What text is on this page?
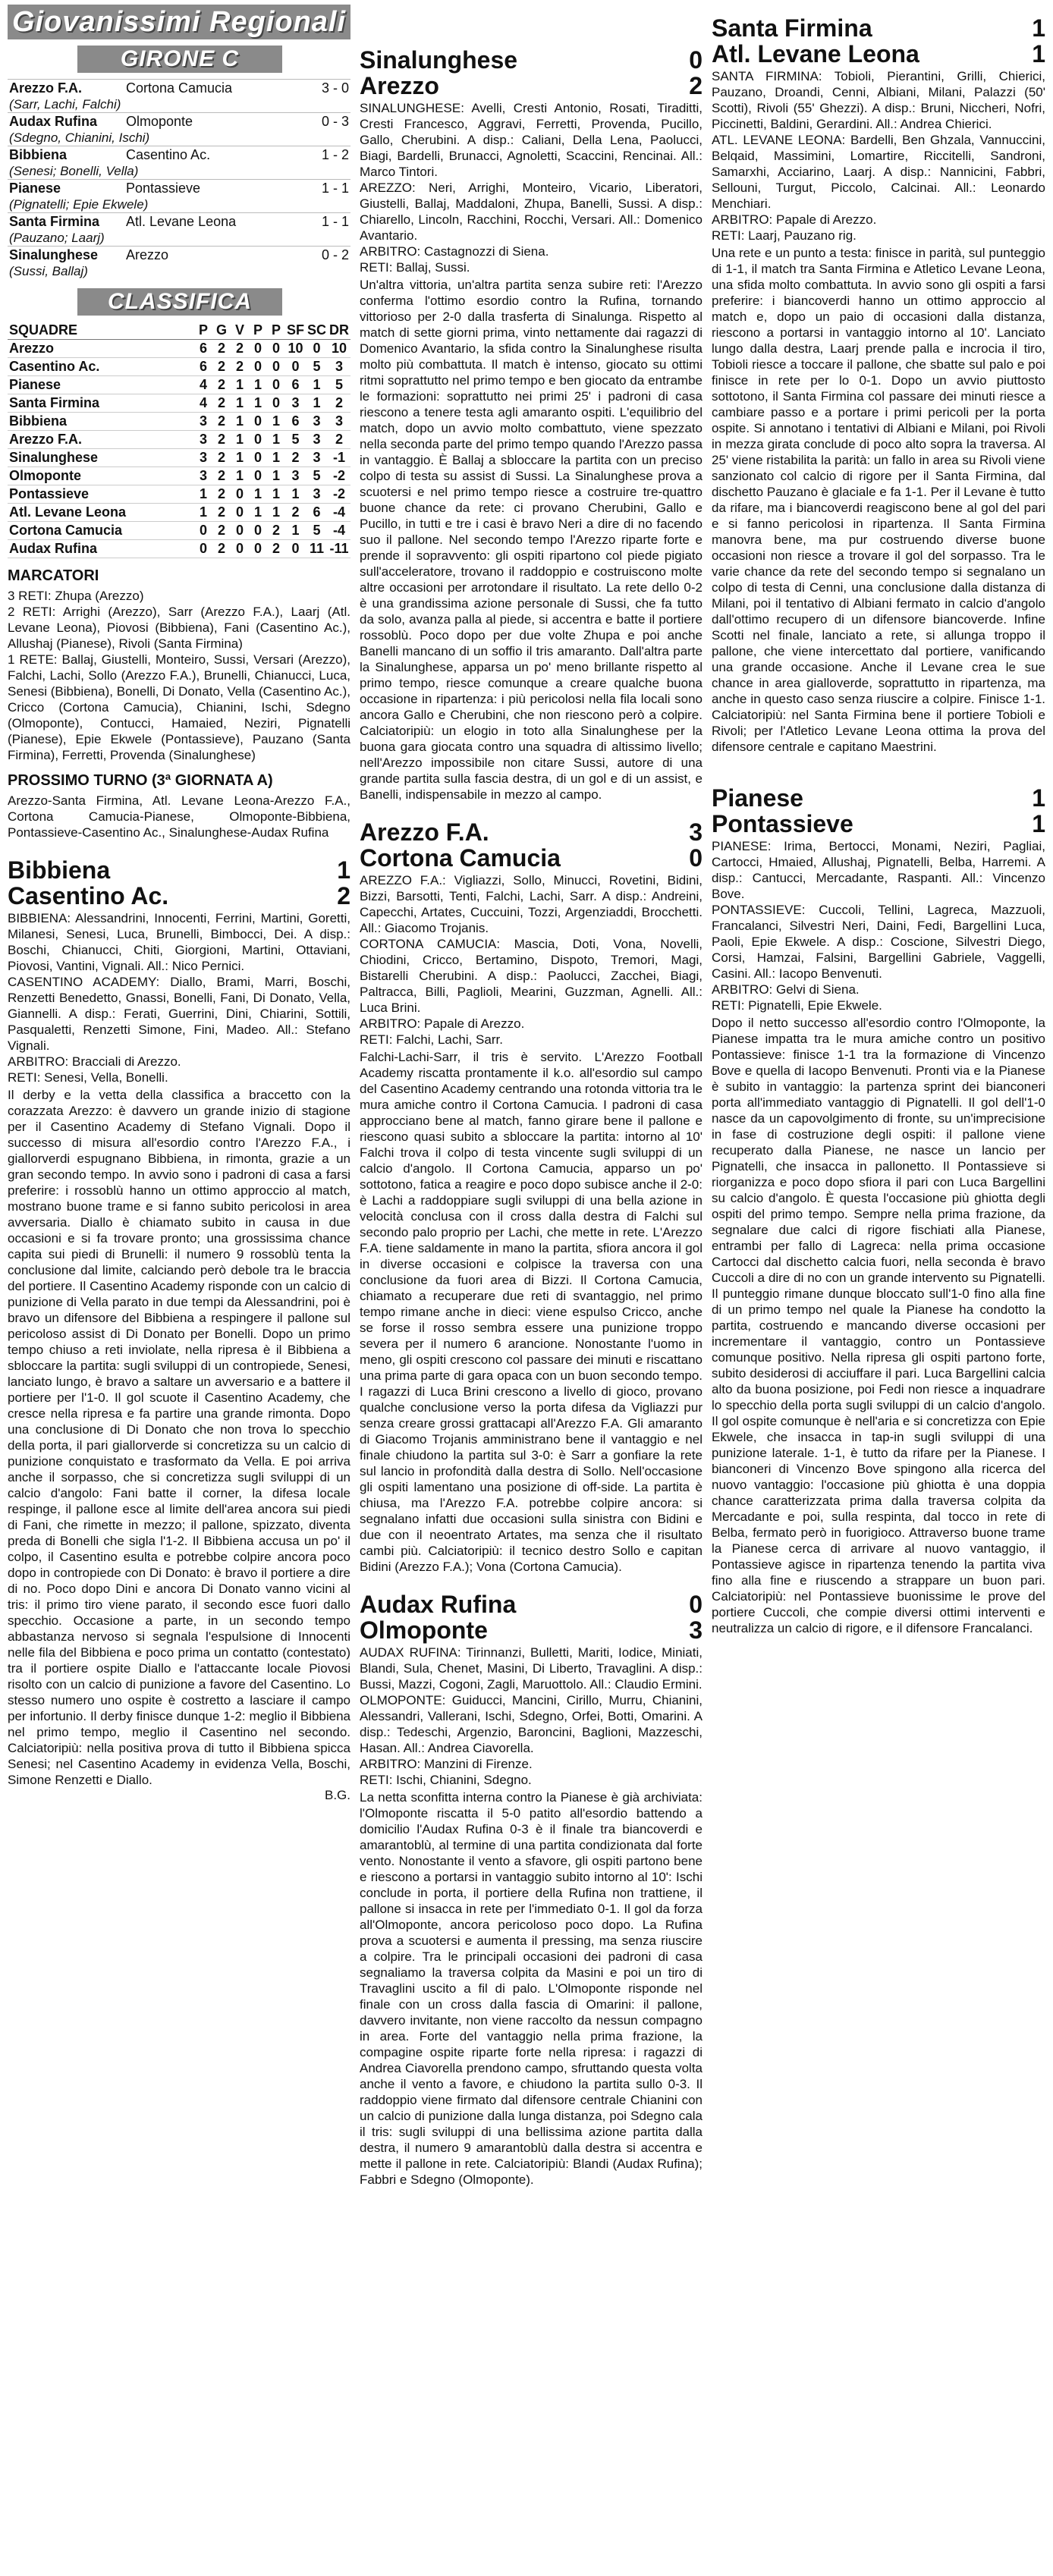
Giovanissimi Regionali
GIRONE C
Arezzo F.A.	Cortona Camucia	3 - 0
(Sarr, Lachi, Falchi)		
Audax Rufina	Olmoponte	0 - 3
(Sdegno, Chianini, Ischi)		
Bibbiena	Casentino Ac.	1 - 2
(Senesi; Bonelli, Vella)		
Pianese	Pontassieve	1 - 1
(Pignatelli; Epie Ekwele)		
Santa Firmina	Atl. Levane Leona	1 - 1
(Pauzano; Laarj)		
Sinalunghese	Arezzo	0 - 2
(Sussi, Ballaj)		
CLASSIFICA
SQUADRE	P	G	V	P	P	SF	SC	DR
Arezzo	6	2	2	0	0	10	0	10
Casentino Ac.	6	2	2	0	0	0	5	3
Pianese	4	2	1	1	0	6	1	5
Santa Firmina	4	2	1	1	0	3	1	2
Bibbiena	3	2	1	0	1	6	3	3
Arezzo F.A.	3	2	1	0	1	5	3	2
Sinalunghese	3	2	1	0	1	2	3	-1
Olmoponte	3	2	1	0	1	3	5	-2
Pontassieve	1	2	0	1	1	1	3	-2
Atl. Levane Leona	1	2	0	1	1	2	6	-4
Cortona Camucia	0	2	0	0	2	1	5	-4
Audax Rufina	0	2	0	0	2	0	11	-11
MARCATORI

3 RETI: Zhupa (Arezzo)
2 RETI: Arrighi (Arezzo), Sarr (Arezzo F.A.), Laarj (Atl. Levane Leona), Piovosi (Bibbiena), Fani (Casentino Ac.), Allushaj (Pianese), Rivoli (Santa Firmina)
1 RETE: Ballaj, Giustelli, Monteiro, Sussi, Versari (Arezzo), Falchi, Lachi, Sollo (Arezzo F.A.), Brunelli, Chianucci, Luca, Senesi (Bibbiena), Bonelli, Di Donato, Vella (Casentino Ac.), Cricco (Cortona Camucia), Chianini, Ischi, Sdegno (Olmoponte), Contucci, Hamaied, Neziri, Pignatelli (Pianese), Epie Ekwele (Pontassieve), Pauzano (Santa Firmina), Ferretti, Provenda (Sinalunghese)

PROSSIMO TURNO (3ª GIORNATA A)

Arezzo-Santa Firmina, Atl. Levane Leona-Arezzo F.A., Cortona Camucia-Pianese, Olmoponte-Bibbiena, Pontassieve-Casentino Ac., Sinalunghese-Audax Rufina

Bibbiena	1
Casentino Ac.	2

BIBBIENA: Alessandrini, Innocenti, Ferrini, Martini, Goretti, Milanesi, Senesi, Luca, Brunelli, Bimbocci, Dei. A disp.: Boschi, Chianucci, Chiti, Giorgioni, Martini, Ottaviani, Piovosi, Vantini, Vignali. All.: Nico Pernici.
CASENTINO ACADEMY: Diallo, Brami, Marri, Boschi, Renzetti Benedetto, Gnassi, Bonelli, Fani, Di Donato, Vella, Giannelli. A disp.: Ferati, Guerrini, Dini, Chiarini, Sottili, Pasqualetti, Renzetti Simone, Fini, Madeo. All.: Stefano Vignali.
ARBITRO: Bracciali di Arezzo.
RETI: Senesi, Vella, Bonelli.

Il derby e la vetta della classifica a braccetto con la corazzata Arezzo: è davvero un grande inizio di stagione per il Casentino Academy di Stefano Vignali. Dopo il successo di misura all'esordio contro l'Arezzo F.A., i giallorverdi espugnano Bibbiena, in rimonta, grazie a un gran secondo tempo. In avvio sono i padroni di casa a farsi preferire: i rossoblù hanno un ottimo approccio al match, mostrano buone trame e si fanno subito pericolosi in area avversaria. Diallo è chiamato subito in causa in due occasioni e si fa trovare pronto; una grossissima chance capita sui piedi di Brunelli: il numero 9 rossoblù tenta la conclusione dal limite, calciando però debole tra le braccia del portiere. Il Casentino Academy risponde con un calcio di punizione di Vella parato in due tempi da Alessandrini, poi è bravo un difensore del Bibbiena a respingere il pallone sul pericoloso assist di Di Donato per Bonelli. Dopo un primo tempo chiuso a reti inviolate, nella ripresa è il Bibbiena a sbloccare la partita: sugli sviluppi di un contropiede, Senesi, lanciato lungo, è bravo a saltare un avversario e a battere il portiere per l'1-0. Il gol scuote il Casentino Academy, che cresce nella ripresa e fa partire una grande rimonta. Dopo una conclusione di Di Donato che non trova lo specchio della porta, il pari giallorverde si concretizza su un calcio di punizione conquistato e trasformato da Vella. E poi arriva anche il sorpasso, che si concretizza sugli sviluppi di un calcio d'angolo: Fani batte il corner, la difesa locale respinge, il pallone esce al limite dell'area ancora sui piedi di Fani, che rimette in mezzo; il pallone, spizzato, diventa preda di Bonelli che sigla l'1-2. Il Bibbiena accusa un po' il colpo, il Casentino esulta e potrebbe colpire ancora poco dopo in contropiede con Di Donato: è bravo il portiere a dire di no. Poco dopo Dini e ancora Di Donato vanno vicini al tris: il primo tiro viene parato, il secondo esce fuori dallo specchio. Occasione a parte, in un secondo tempo abbastanza nervoso si segnala l'espulsione di Innocenti nelle fila del Bibbiena e poco prima un contatto (contestato) tra il portiere ospite Diallo e l'attaccante locale Piovosi risolto con un calcio di punizione a favore del Casentino. Lo stesso numero uno ospite è costretto a lasciare il campo per infortunio. Il derby finisce dunque 1-2: meglio il Bibbiena nel primo tempo, meglio il Casentino nel secondo. Calciatoripiù: nella positiva prova di tutto il Bibbiena spicca Senesi; nel Casentino Academy in evidenza Vella, Boschi, Simone Renzetti e Diallo.

B.G.
Sinalunghese	0
Arezzo	2

SINALUNGHESE: Avelli, Cresti Antonio, Rosati, Tiraditti, Cresti Francesco, Aggravi, Ferretti, Provenda, Pucillo, Gallo, Cherubini. A disp.: Caliani, Della Lena, Paolucci, Biagi, Bardelli, Brunacci, Agnoletti, Scaccini, Rencinai. All.: Marco Tintori.
AREZZO: Neri, Arrighi, Monteiro, Vicario, Liberatori, Giustelli, Ballaj, Maddaloni, Zhupa, Banelli, Sussi. A disp.: Chiarello, Lincoln, Racchini, Rocchi, Versari. All.: Domenico Avantario.
ARBITRO: Castagnozzi di Siena.
RETI: Ballaj, Sussi.

Un'altra vittoria, un'altra partita senza subire reti: l'Arezzo conferma l'ottimo esordio contro la Rufina, tornando vittorioso per 2-0 dalla trasferta di Sinalunga. Rispetto al match di sette giorni prima, vinto nettamente dai ragazzi di Domenico Avantario, la sfida contro la Sinalunghese risulta molto più combattuta. Il match è intenso, giocato su ottimi ritmi soprattutto nel primo tempo e ben giocato da entrambe le formazioni: soprattutto nei primi 25' i padroni di casa riescono a tenere testa agli amaranto ospiti. L'equilibrio del match, dopo un avvio molto combattuto, viene spezzato nella seconda parte del primo tempo quando l'Arezzo passa in vantaggio. È Ballaj a sbloccare la partita con un preciso colpo di testa su assist di Sussi. La Sinalunghese prova a scuotersi e nel primo tempo riesce a costruire tre-quattro buone chance da rete: ci provano Cherubini, Gallo e Pucillo, in tutti e tre i casi è bravo Neri a dire di no facendo suo il pallone. Nel secondo tempo l'Arezzo riparte forte e prende il sopravvento: gli ospiti ripartono col piede pigiato sull'acceleratore, trovano il raddoppio e costruiscono molte altre occasioni per arrotondare il risultato. La rete dello 0-2 è una grandissima azione personale di Sussi, che fa tutto da solo, avanza palla al piede, si accentra e batte il portiere rossoblù. Poco dopo per due volte Zhupa e poi anche Banelli mancano di un soffio il tris amaranto. Dall'altra parte la Sinalunghese, apparsa un po' meno brillante rispetto al primo tempo, riesce comunque a creare qualche buona occasione in ripartenza: i più pericolosi nella fila locali sono ancora Gallo e Cherubini, che non riescono però a colpire. Calciatoripiù: un elogio in toto alla Sinalunghese per la buona gara giocata contro una squadra di altissimo livello; nell'Arezzo impossibile non citare Sussi, autore di una grande partita sulla fascia destra, di un gol e di un assist, e Banelli, indispensabile in mezzo al campo.

Arezzo F.A.	3
Cortona Camucia	0

AREZZO F.A.: Vigliazzi, Sollo, Minucci, Rovetini, Bidini, Bizzi, Barsotti, Tenti, Falchi, Lachi, Sarr. A disp.: Andreini, Capecchi, Artates, Cuccuini, Tozzi, Argenziaddi, Brocchetti. All.: Giacomo Trojanis.
CORTONA CAMUCIA: Mascia, Doti, Vona, Novelli, Chiodini, Cricco, Bertamino, Dispoto, Tremori, Magi, Bistarelli Cherubini. A disp.: Paolucci, Zacchei, Biagi, Paltracca, Billi, Paglioli, Mearini, Guzzman, Agnelli. All.: Luca Brini.
ARBITRO: Papale di Arezzo.
RETI: Falchi, Lachi, Sarr.

Falchi-Lachi-Sarr, il tris è servito. L'Arezzo Football Academy riscatta prontamente il k.o. all'esordio sul campo del Casentino Academy centrando una rotonda vittoria tra le mura amiche contro il Cortona Camucia. I padroni di casa approcciano bene al match, fanno girare bene il pallone e riescono quasi subito a sbloccare la partita: intorno al 10' Falchi trova il colpo di testa vincente sugli sviluppi di un calcio d'angolo. Il Cortona Camucia, apparso un po' sottotono, fatica a reagire e poco dopo subisce anche il 2-0: è Lachi a raddoppiare sugli sviluppi di una bella azione in velocità conclusa con il cross dalla destra di Falchi sul secondo palo proprio per Lachi, che mette in rete. L'Arezzo F.A. tiene saldamente in mano la partita, sfiora ancora il gol in diverse occasioni e colpisce la traversa con una conclusione da fuori area di Bizzi. Il Cortona Camucia, chiamato a recuperare due reti di svantaggio, nel primo tempo rimane anche in dieci: viene espulso Cricco, anche se forse il rosso sembra essere una punizione troppo severa per il numero 6 arancione. Nonostante l'uomo in meno, gli ospiti crescono col passare dei minuti e riscattano una prima parte di gara opaca con un buon secondo tempo. I ragazzi di Luca Brini crescono a livello di gioco, provano qualche conclusione verso la porta difesa da Vigliazzi pur senza creare grossi grattacapi all'Arezzo F.A. Gli amaranto di Giacomo Trojanis amministrano bene il vantaggio e nel finale chiudono la partita sul 3-0: è Sarr a gonfiare la rete sul lancio in profondità dalla destra di Sollo. Nell'occasione gli ospiti lamentano una posizione di off-side. La partita è chiusa, ma l'Arezzo F.A. potrebbe colpire ancora: si segnalano infatti due occasioni sulla sinistra con Bidini e due con il neoentrato Artates, ma senza che il risultato cambi più. Calciatoripiù: il tecnico destro Sollo e capitan Bidini (Arezzo F.A.); Vona (Cortona Camucia).

Audax Rufina	0
Olmoponte	3

AUDAX RUFINA: Tirinnanzi, Bulletti, Mariti, Iodice, Miniati, Blandi, Sula, Chenet, Masini, Di Liberto, Travaglini. A disp.: Bussi, Mazzi, Cogoni, Zagli, Maruottolo. All.: Claudio Ermini.
OLMOPONTE: Guiducci, Mancini, Cirillo, Murru, Chianini, Alessandri, Vallerani, Ischi, Sdegno, Orfei, Botti, Omarini. A disp.: Tedeschi, Argenzio, Baroncini, Baglioni, Mazzeschi, Hasan. All.: Andrea Ciavorella.
ARBITRO: Manzini di Firenze.
RETI: Ischi, Chianini, Sdegno.

La netta sconfitta interna contro la Pianese è già archiviata: l'Olmoponte riscatta il 5-0 patito all'esordio battendo a domicilio l'Audax Rufina 0-3 è il finale tra biancoverdi e amarantoblù, al termine di una partita condizionata dal forte vento. Nonostante il vento a sfavore, gli ospiti partono bene e riescono a portarsi in vantaggio subito intorno al 10': Ischi conclude in porta, il portiere della Rufina non trattiene, il pallone si insacca in rete per l'immediato 0-1. Il gol da forza all'Olmoponte, ancora pericoloso poco dopo. La Rufina prova a scuotersi e aumenta il pressing, ma senza riuscire a colpire. Tra le principali occasioni dei padroni di casa segnaliamo la traversa colpita da Masini e poi un tiro di Travaglini uscito a fil di palo. L'Olmoponte risponde nel finale con un cross dalla fascia di Omarini: il pallone, davvero invitante, non viene raccolto da nessun compagno in area. Forte del vantaggio nella prima frazione, la compagine ospite riparte forte nella ripresa: i ragazzi di Andrea Ciavorella prendono campo, sfruttando questa volta anche il vento a favore, e chiudono la partita sullo 0-3. Il raddoppio viene firmato dal difensore centrale Chianini con un calcio di punizione dalla lunga distanza, poi Sdegno cala il tris: sugli sviluppi di una bellissima azione partita dalla destra, il numero 9 amarantoblù dalla destra si accentra e mette il pallone in rete. Calciatoripiù: Blandi (Audax Rufina); Fabbri e Sdegno (Olmoponte).

Santa Firmina	1
Atl. Levane Leona	1

SANTA FIRMINA: Tobioli, Pierantini, Grilli, Chierici, Pauzano, Droandi, Cenni, Albiani, Milani, Palazzi (50' Scotti), Rivoli (55' Ghezzi). A disp.: Bruni, Niccheri, Nofri, Piccinetti, Baldini, Gerardini. All.: Andrea Chierici.
ATL. LEVANE LEONA: Bardelli, Ben Ghzala, Vannuccini, Belqaid, Massimini, Lomartire, Riccitelli, Sandroni, Samarxhi, Acciarino, Laarj. A disp.: Nannicini, Fabbri, Sellouni, Turgut, Piccolo, Calcinai. All.: Leonardo Menchiari.
ARBITRO: Papale di Arezzo.
RETI: Laarj, Pauzano rig.

Una rete e un punto a testa: finisce in parità, sul punteggio di 1-1, il match tra Santa Firmina e Atletico Levane Leona, una sfida molto combattuta. In avvio sono gli ospiti a farsi preferire: i biancoverdi hanno un ottimo approccio al match e, dopo un paio di occasioni dalla distanza, riescono a portarsi in vantaggio intorno al 10'. Lanciato lungo dalla destra, Laarj prende palla e incrocia il tiro, Tobioli riesce a toccare il pallone, che sbatte sul palo e poi finisce in rete per lo 0-1. Dopo un avvio piuttosto sottotono, il Santa Firmina col passare dei minuti riesce a cambiare passo e a portare i primi pericoli per la porta ospite. Si annotano i tentativi di Albiani e Milani, poi Rivoli in mezza girata conclude di poco alto sopra la traversa. Al 25' viene ristabilita la parità: un fallo in area su Rivoli viene sanzionato col calcio di rigore per il Santa Firmina, dal dischetto Pauzano è glaciale e fa 1-1. Per il Levane è tutto da rifare, ma i biancoverdi reagiscono bene al gol del pari e si fanno pericolosi in ripartenza. Il Santa Firmina manovra bene, ma pur costruendo diverse buone occasioni non riesce a trovare il gol del sorpasso. Tra le varie chance da rete del secondo tempo si segnalano un colpo di testa di Cenni, una conclusione dalla distanza di Milani, poi il tentativo di Albiani fermato in calcio d'angolo dall'ottimo recupero di un difensore biancoverde. Infine Scotti nel finale, lanciato a rete, si allunga troppo il pallone, che viene intercettato dal portiere, vanificando una grande occasione. Anche il Levane crea le sue chance in area gialloverde, soprattutto in ripartenza, ma anche in questo caso senza riuscire a colpire. Finisce 1-1. Calciatoripiù: nel Santa Firmina bene il portiere Tobioli e Rivoli; per l'Atletico Levane Leona ottima la prova del difensore centrale e capitano Maestrini.

Pianese	1
Pontassieve	1

PIANESE: Irima, Bertocci, Monami, Neziri, Pagliai, Cartocci, Hmaied, Allushaj, Pignatelli, Belba, Harremi. A disp.: Cantucci, Mercadante, Raspanti. All.: Vincenzo Bove.
PONTASSIEVE: Cuccoli, Tellini, Lagreca, Mazzuoli, Francalanci, Silvestri Neri, Daini, Fedi, Bargellini Luca, Paoli, Epie Ekwele. A disp.: Coscione, Silvestri Diego, Corsi, Hamzai, Falsini, Bargellini Gabriele, Vaggelli, Casini. All.: Iacopo Benvenuti.
ARBITRO: Gelvi di Siena.
RETI: Pignatelli, Epie Ekwele.

Dopo il netto successo all'esordio contro l'Olmoponte, la Pianese impatta tra le mura amiche contro un positivo Pontassieve: finisce 1-1 tra la formazione di Vincenzo Bove e quella di Iacopo Benvenuti. Pronti via e la Pianese è subito in vantaggio: la partenza sprint dei bianconeri porta all'immediato vantaggio di Pignatelli. Il gol dell'1-0 nasce da un capovolgimento di fronte, su un'imprecisione in fase di costruzione degli ospiti: il pallone viene recuperato dalla Pianese, ne nasce un lancio per Pignatelli, che insacca in pallonetto. Il Pontassieve si riorganizza e poco dopo sfiora il pari con Luca Bargellini su calcio d'angolo. È questa l'occasione più ghiotta degli ospiti del primo tempo. Sempre nella prima frazione, da segnalare due calci di rigore fischiati alla Pianese, entrambi per fallo di Lagreca: nella prima occasione Cartocci dal dischetto calcia fuori, nella seconda è bravo Cuccoli a dire di no con un grande intervento su Pignatelli. Il punteggio rimane dunque bloccato sull'1-0 fino alla fine di un primo tempo nel quale la Pianese ha condotto la partita, costruendo e mancando diverse occasioni per incrementare il vantaggio, contro un Pontassieve comunque positivo. Nella ripresa gli ospiti partono forte, subito desiderosi di acciuffare il pari. Luca Bargellini calcia alto da buona posizione, poi Fedi non riesce a inquadrare lo specchio della porta sugli sviluppi di un calcio d'angolo. Il gol ospite comunque è nell'aria e si concretizza con Epie Ekwele, che insacca in tap-in sugli sviluppi di una punizione laterale. 1-1, è tutto da rifare per la Pianese. I bianconeri di Vincenzo Bove spingono alla ricerca del nuovo vantaggio: l'occasione più ghiotta è una doppia chance caratterizzata prima dalla traversa colpita da Mercadante e poi, sulla respinta, dal tocco in rete di Belba, fermato però in fuorigioco. Attraverso buone trame la Pianese cerca di arrivare al nuovo vantaggio, il Pontassieve agisce in ripartenza tenendo la partita viva fino alla fine e riuscendo a strappare un buon pari. Calciatoripiù: nel Pontassieve buonissime le prove del portiere Cuccoli, che compie diversi ottimi interventi e neutralizza un calcio di rigore, e il difensore Francalanci.
